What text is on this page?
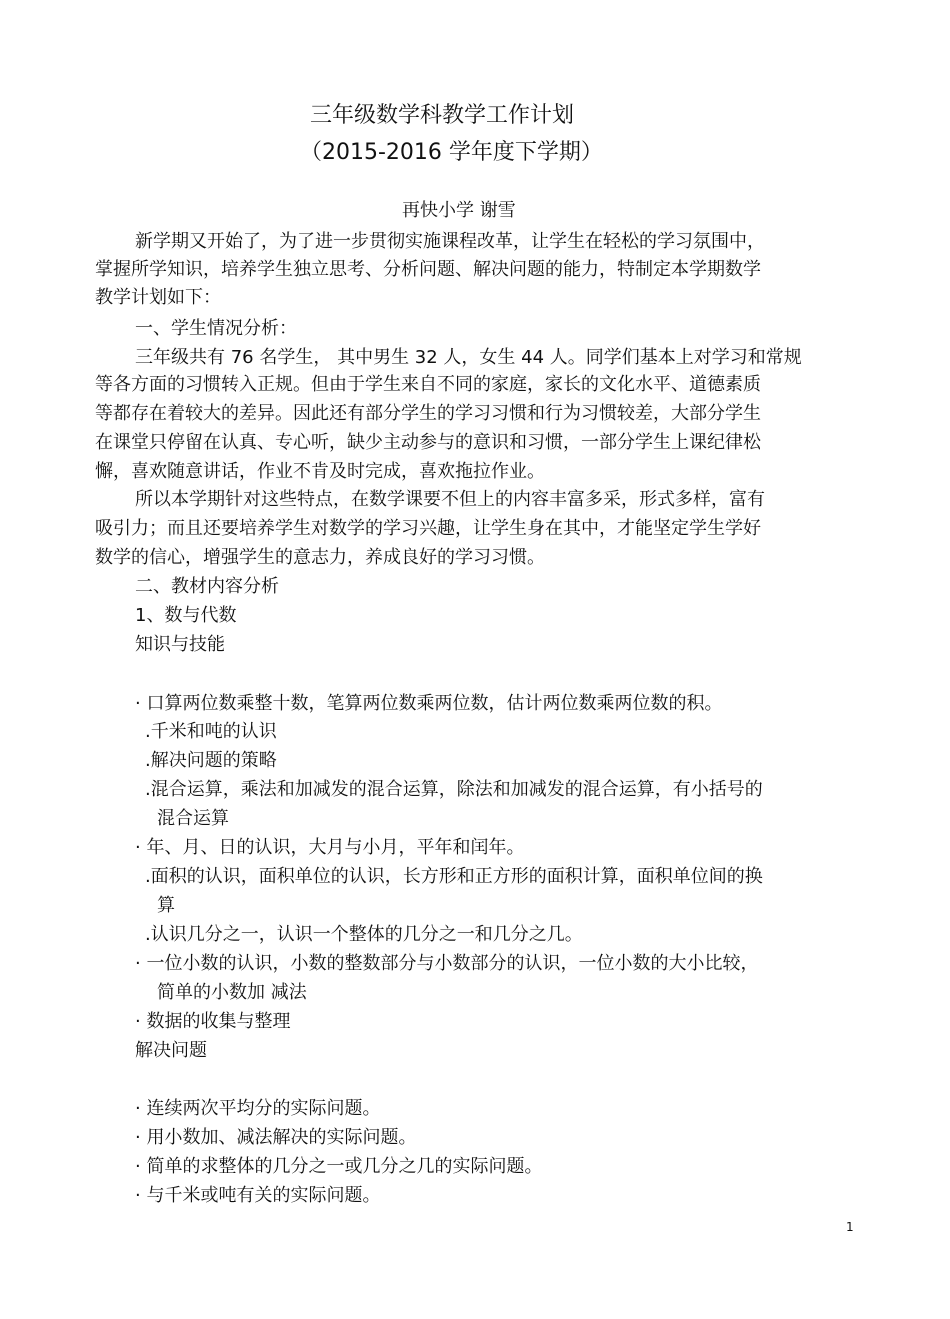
三年级数学科教学工作计划
（2015-2016 学年度下学期）
再快小学 谢雪
新学期又开始了，为了进一步贯彻实施课程改革，让学生在轻松的学习氛围中，
掌握所学知识，培养学生独立思考、分析问题、解决问题的能力，特制定本学期数学
教学计划如下：
一、学生情况分析：
三年级共有 76 名学生， 其中男生 32 人，女生 44 人。同学们基本上对学习和常规
等各方面的习惯转入正规。但由于学生来自不同的家庭，家长的文化水平、道德素质
等都存在着较大的差异。因此还有部分学生的学习习惯和行为习惯较差，大部分学生
在课堂只停留在认真、专心听，缺少主动参与的意识和习惯，一部分学生上课纪律松
懈，喜欢随意讲话，作业不肯及时完成，喜欢拖拉作业。
所以本学期针对这些特点，在数学课要不但上的内容丰富多采，形式多样，富有
吸引力；而且还要培养学生对数学的学习兴趣，让学生身在其中，才能坚定学生学好
数学的信心，增强学生的意志力，养成良好的学习习惯。
二、教材内容分析
1、数与代数
知识与技能
· 口算两位数乘整十数，笔算两位数乘两位数，估计两位数乘两位数的积。
.千米和吨的认识
.解决问题的策略
.混合运算，乘法和加减发的混合运算，除法和加减发的混合运算，有小括号的
混合运算
· 年、月、日的认识，大月与小月，平年和闰年。
.面积的认识，面积单位的认识，长方形和正方形的面积计算，面积单位间的换
算
.认识几分之一，认识一个整体的几分之一和几分之几。
· 一位小数的认识，小数的整数部分与小数部分的认识，一位小数的大小比较，
简单的小数加 减法
· 数据的收集与整理
解决问题
· 连续两次平均分的实际问题。
· 用小数加、减法解决的实际问题。
· 简单的求整体的几分之一或几分之几的实际问题。
· 与千米或吨有关的实际问题。
1
